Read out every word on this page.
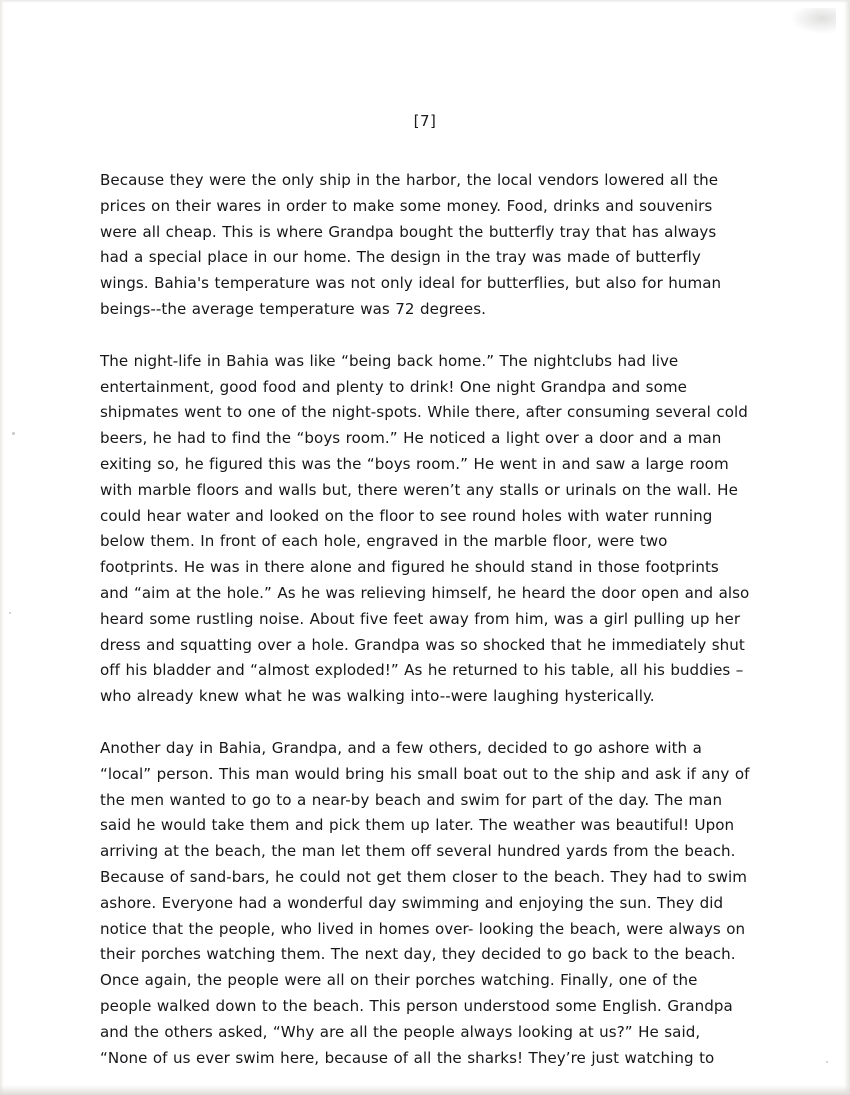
[7]

Because they were the only ship in the harbor, the local vendors lowered all the prices on their wares in order to make some money. Food, drinks and souvenirs were all cheap. This is where Grandpa bought the butterfly tray that has always had a special place in our home. The design in the tray was made of butterfly wings. Bahia's temperature was not only ideal for butterflies, but also for human beings--the average temperature was 72 degrees.

The night-life in Bahia was like “being back home.” The nightclubs had live entertainment, good food and plenty to drink! One night Grandpa and some shipmates went to one of the night-spots. While there, after consuming several cold beers, he had to find the “boys room.” He noticed a light over a door and a man exiting so, he figured this was the “boys room.” He went in and saw a large room with marble floors and walls but, there weren’t any stalls or urinals on the wall. He could hear water and looked on the floor to see round holes with water running below them. In front of each hole, engraved in the marble floor, were two footprints. He was in there alone and figured he should stand in those footprints and “aim at the hole.” As he was relieving himself, he heard the door open and also heard some rustling noise. About five feet away from him, was a girl pulling up her dress and squatting over a hole. Grandpa was so shocked that he immediately shut off his bladder and “almost exploded!” As he returned to his table, all his buddies –who already knew what he was walking into--were laughing hysterically.

Another day in Bahia, Grandpa, and a few others, decided to go ashore with a “local” person. This man would bring his small boat out to the ship and ask if any of the men wanted to go to a near-by beach and swim for part of the day. The man said he would take them and pick them up later. The weather was beautiful! Upon arriving at the beach, the man let them off several hundred yards from the beach. Because of sand-bars, he could not get them closer to the beach. They had to swim ashore. Everyone had a wonderful day swimming and enjoying the sun. They did notice that the people, who lived in homes over- looking the beach, were always on their porches watching them. The next day, they decided to go back to the beach. Once again, the people were all on their porches watching. Finally, one of the people walked down to the beach. This person understood some English. Grandpa and the others asked, “Why are all the people always looking at us?” He said, “None of us ever swim here, because of all the sharks! They’re just watching to
